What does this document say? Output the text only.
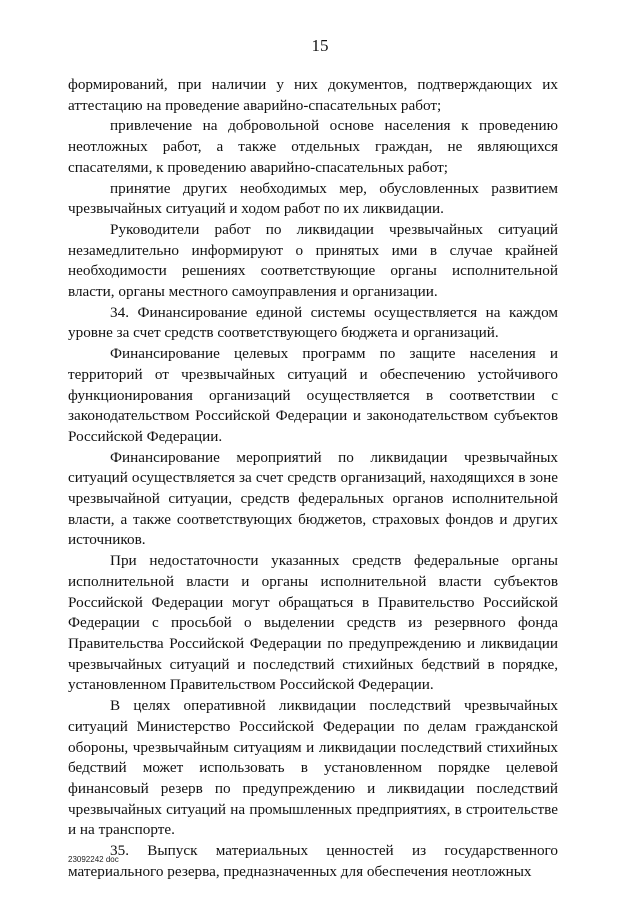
15

формирований, при наличии у них документов, подтверждающих их аттестацию на проведение аварийно-спасательных работ;

привлечение на добровольной основе населения к проведению неотложных работ, а также отдельных граждан, не являющихся спасателями, к проведению аварийно-спасательных работ;

принятие других необходимых мер, обусловленных развитием чрезвычайных ситуаций и ходом работ по их ликвидации.

Руководители работ по ликвидации чрезвычайных ситуаций незамедлительно информируют о принятых ими в случае крайней необходимости решениях соответствующие органы исполнительной власти, органы местного самоуправления и организации.

34. Финансирование единой системы осуществляется на каждом уровне за счет средств соответствующего бюджета и организаций.

Финансирование целевых программ по защите населения и территорий от чрезвычайных ситуаций и обеспечению устойчивого функционирования организаций осуществляется в соответствии с законодательством Российской Федерации и законодательством субъектов Российской Федерации.

Финансирование мероприятий по ликвидации чрезвычайных ситуаций осуществляется за счет средств организаций, находящихся в зоне чрезвычайной ситуации, средств федеральных органов исполнительной власти, а также соответствующих бюджетов, страховых фондов и других источников.

При недостаточности указанных средств федеральные органы исполнительной власти и органы исполнительной власти субъектов Российской Федерации могут обращаться в Правительство Российской Федерации с просьбой о выделении средств из резервного фонда Правительства Российской Федерации по предупреждению и ликвидации чрезвычайных ситуаций и последствий стихийных бедствий в порядке, установленном Правительством Российской Федерации.

В целях оперативной ликвидации последствий чрезвычайных ситуаций Министерство Российской Федерации по делам гражданской обороны, чрезвычайным ситуациям и ликвидации последствий стихийных бедствий может использовать в установленном порядке целевой финансовый резерв по предупреждению и ликвидации последствий чрезвычайных ситуаций на промышленных предприятиях, в строительстве и на транспорте.

35. Выпуск материальных ценностей из государственного материального резерва, предназначенных для обеспечения неотложных

23092242 doc
